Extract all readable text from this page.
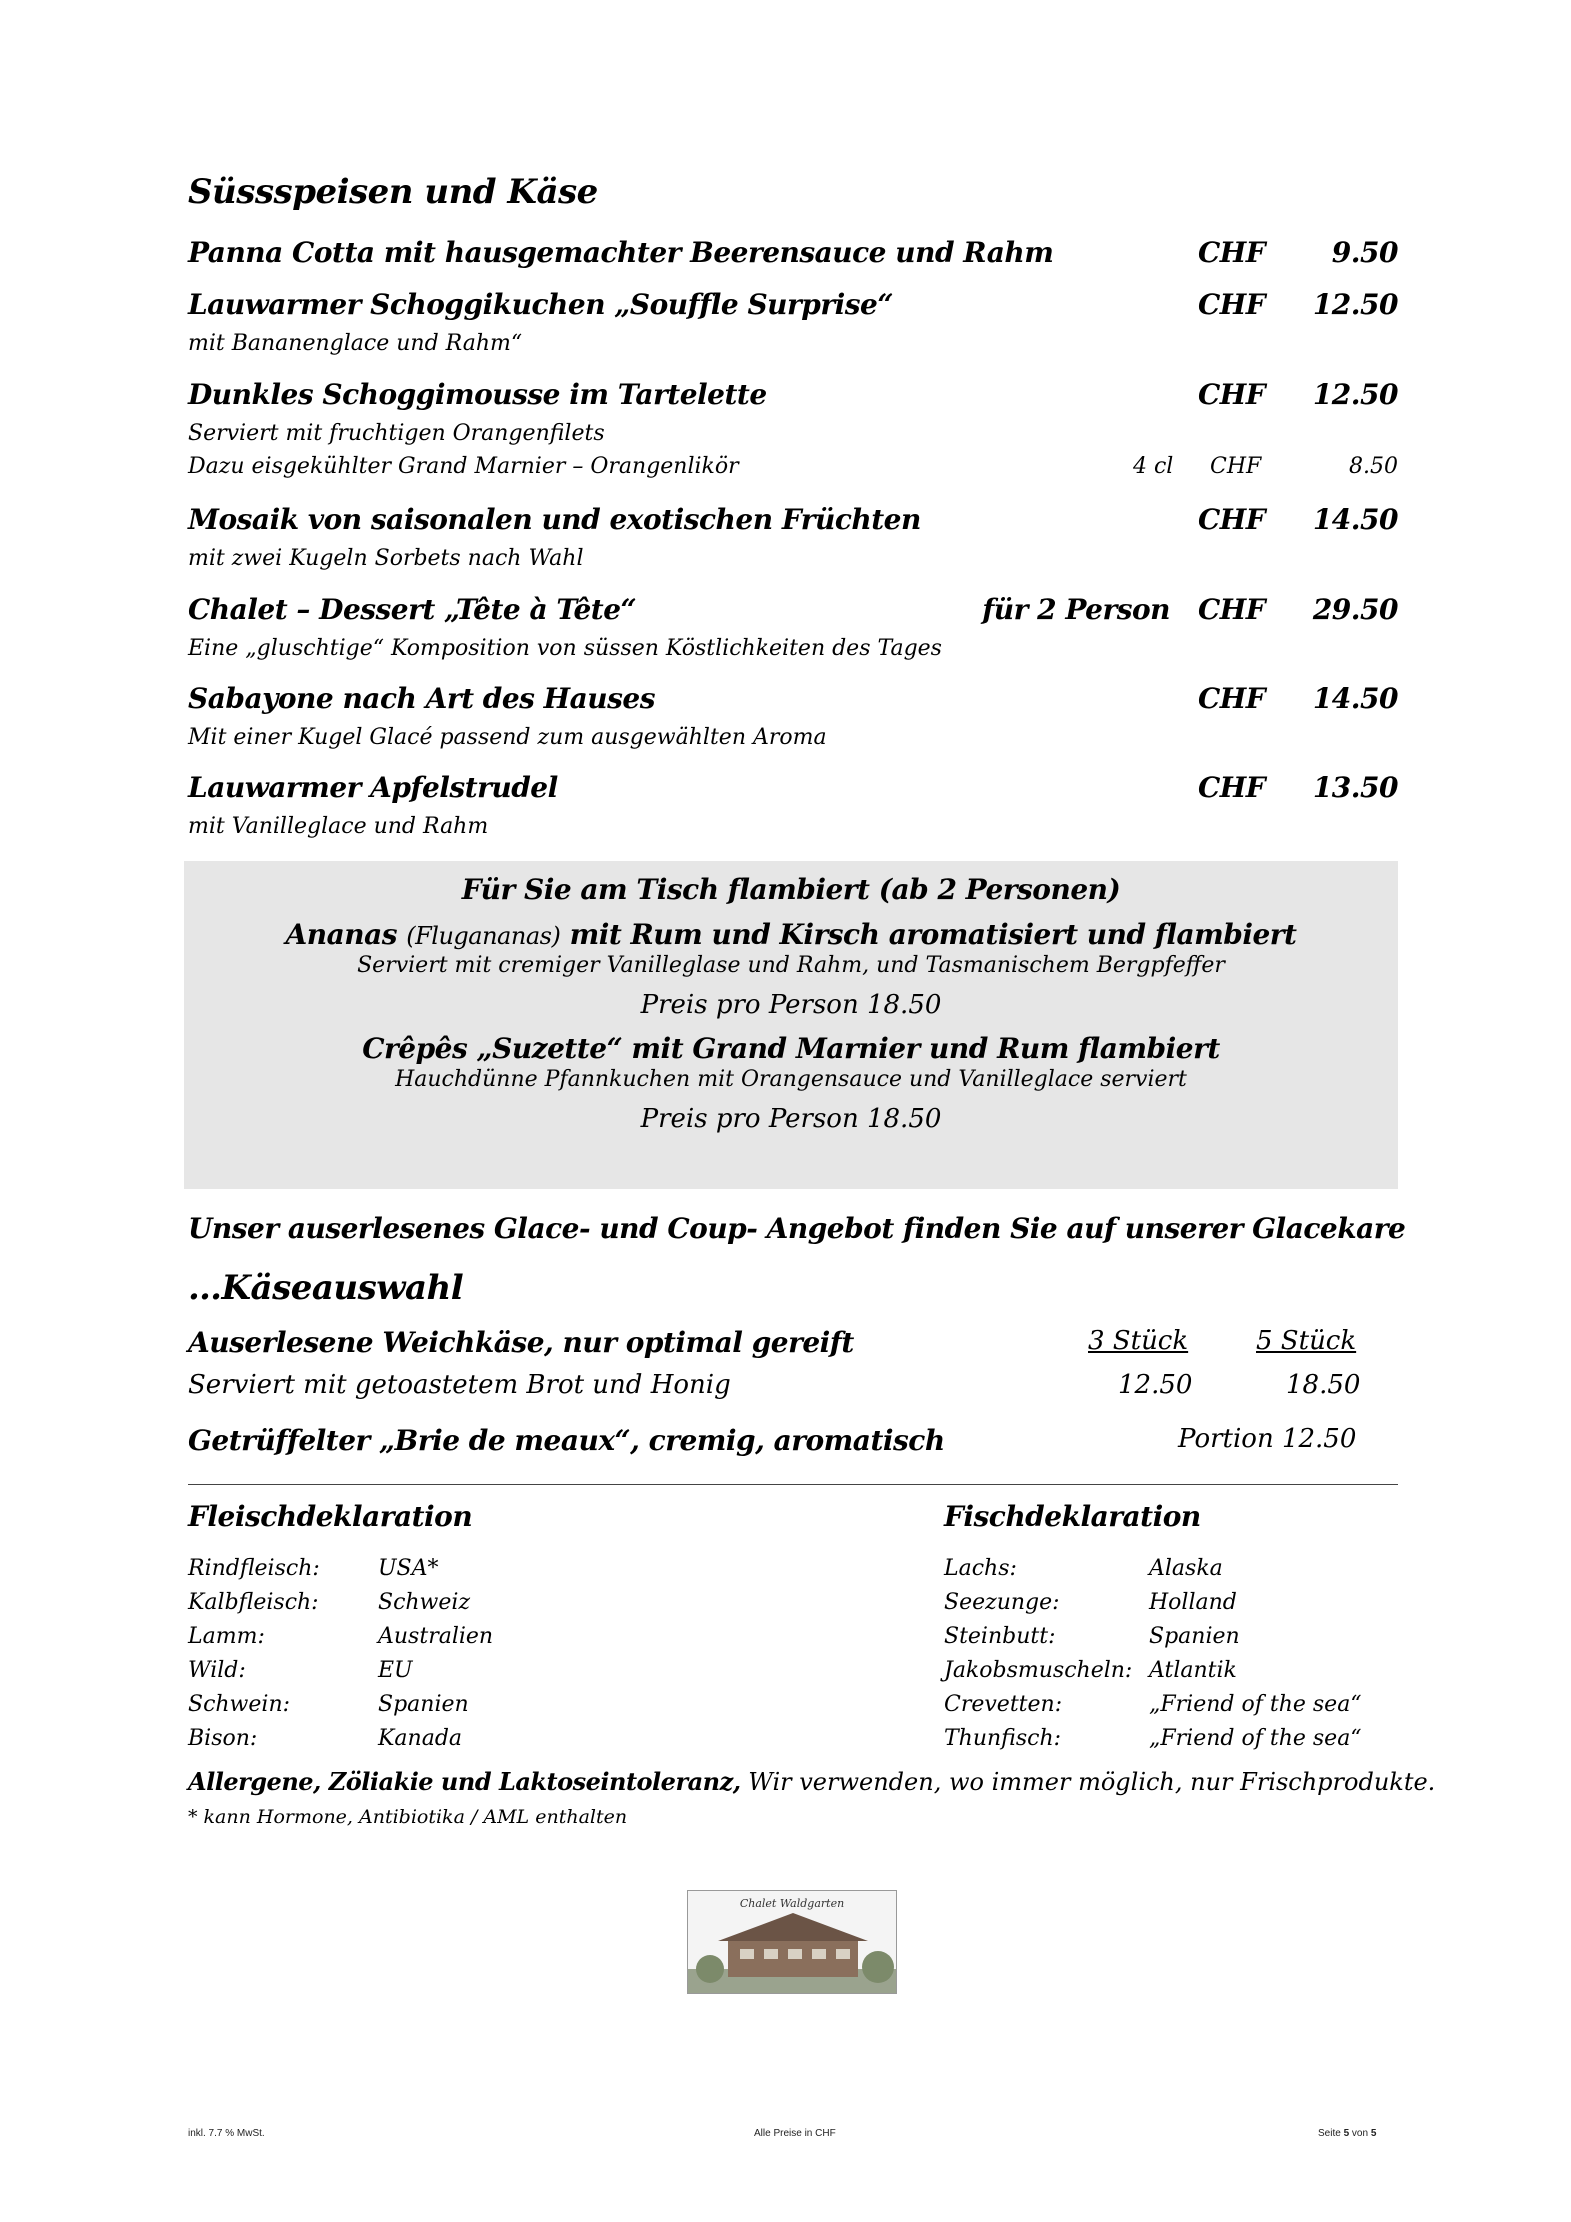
Süssspeisen und Käse
Panna Cotta mit hausgemachter Beerensauce und Rahm	CHF 9.50
Lauwarmer Schoggikuchen „Souffle Surprise“	CHF 12.50
mit Bananenglace und Rahm“
Dunkles Schoggimousse im Tartelette	CHF 12.50
Serviert mit fruchtigen Orangenfilets
Dazu eisgekühlter Grand Marnier – Orangenlikör	4 cl CHF	8.50
Mosaik von saisonalen und exotischen Früchten	CHF 14.50
mit zwei Kugeln Sorbets nach Wahl
Chalet – Dessert „Tête à Tête“	für 2 Person CHF 29.50
Eine „gluschtige“ Komposition von süssen Köstlichkeiten des Tages
Sabayone nach Art des Hauses	CHF 14.50
Mit einer Kugel Glacé passend zum ausgewählten Aroma
Lauwarmer Apfelstrudel	CHF 13.50
mit Vanilleglace und Rahm
Für Sie am Tisch flambiert (ab 2 Personen)
Ananas (Flugananas) mit Rum und Kirsch aromatisiert und flambiert
Serviert mit cremiger Vanilleglase und Rahm, und Tasmanischem Bergpfeffer
Preis pro Person 18.50
Crêpês „Suzette“ mit Grand Marnier und Rum flambiert
Hauchdünne Pfannkuchen mit Orangensauce und Vanilleglace serviert
Preis pro Person 18.50
Unser auserlesenes Glace- und Coup- Angebot finden Sie auf unserer Glacekare
…Käseauswahl
Auserlesene Weichkäse, nur optimal gereift	3 Stück	5 Stück
Serviert mit getoastetem Brot und Honig	12.50	18.50
Getrüffelter „Brie de meaux“, cremig, aromatisch	Portion 12.50
Fleischdeklaration
Rindfleisch:	USA*
Kalbfleisch:	Schweiz
Lamm:	Australien
Wild:	EU
Schwein:	Spanien
Bison:	Kanada
Fischdeklaration
Lachs:	Alaska
Seezunge:	Holland
Steinbutt:	Spanien
Jakobsmuscheln: Atlantik
Crevetten:	„Friend of the sea“
Thunfisch:	„Friend of the sea“
Allergene, Zöliakie und Laktoseintoleranz, Wir verwenden, wo immer möglich, nur Frischprodukte.
* kann Hormone, Antibiotika / AML enthalten
Chalet Waldgarten
inkl. 7.7 % MwSt.	Alle Preise in CHF	Seite 5 von 5
